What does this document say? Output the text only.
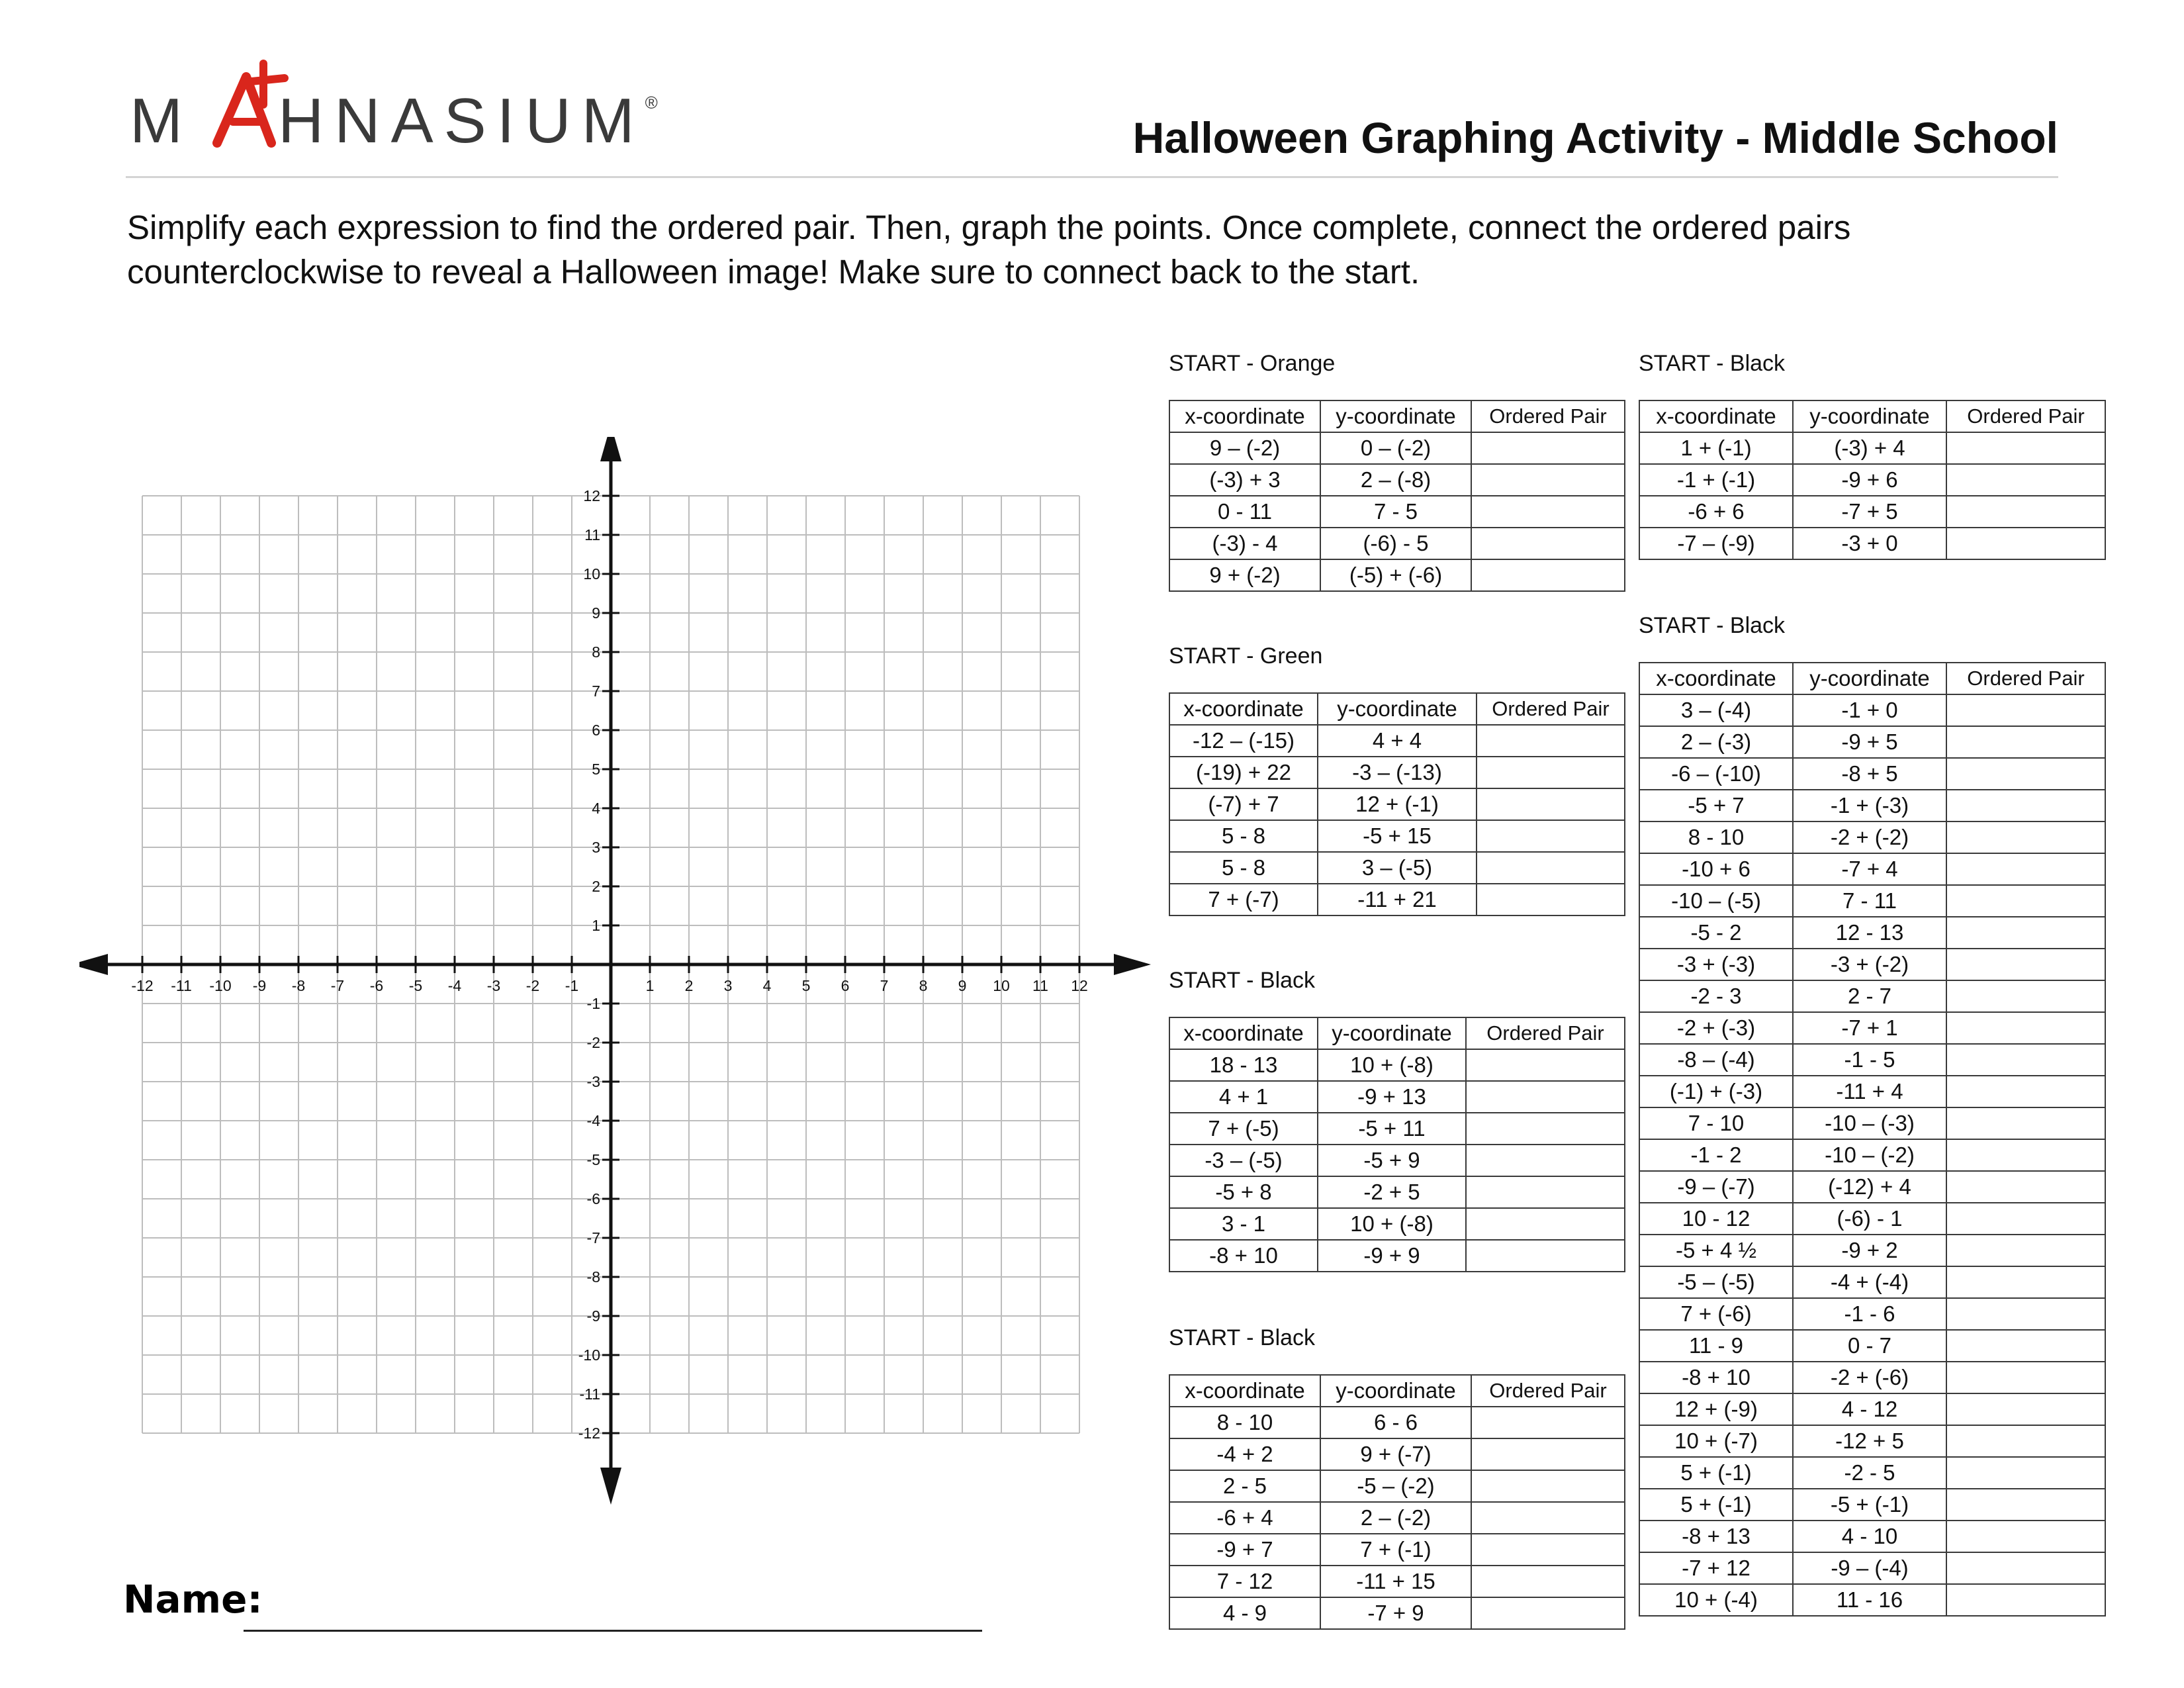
M HNASIUM®
Halloween Graphing Activity - Middle School
Simplify each expression to find the ordered pair. Then, graph the points. Once complete, connect the ordered pairs counterclockwise to reveal a Halloween image! Make sure to connect back to the start.
-12 -11 -10 -9 -8 -7 -6 -5 -4 -3 -2 -1	1 2 3 4 5 6 7 8 9 10 11 12
-12
-11
-10
-9
-8
-7
-6
-5
-4
-3
-2
-1
1
2
3
4
5
6
7
8
9
10
11
12
START - Orange
x-coordinate	y-coordinate	Ordered Pair
9 – (-2)	0 – (-2)	
(-3) + 3	2 – (-8)	
0 - 11	7 - 5	
(-3) - 4	(-6) - 5	
9 + (-2)	(-5) + (-6)	
START - Green
x-coordinate	y-coordinate	Ordered Pair
-12 – (-15)	4 + 4	
(-19) + 22	-3 – (-13)	
(-7) + 7	12 + (-1)	
5 - 8	-5 + 15	
5 - 8	3 – (-5)	
7 + (-7)	-11 + 21	
START - Black
x-coordinate	y-coordinate	Ordered Pair
18 - 13	10 + (-8)	
4 + 1	-9 + 13	
7 + (-5)	-5 + 11	
-3 – (-5)	-5 + 9	
-5 + 8	-2 + 5	
3 - 1	10 + (-8)	
-8 + 10	-9 + 9	
START - Black
x-coordinate	y-coordinate	Ordered Pair
8 - 10	6 - 6	
-4 + 2	9 + (-7)	
2 - 5	-5 – (-2)	
-6 + 4	2 – (-2)	
-9 + 7	7 + (-1)	
7 - 12	-11 + 15	
4 - 9	-7 + 9	
START - Black
x-coordinate	y-coordinate	Ordered Pair
1 + (-1)	(-3) + 4	
-1 + (-1)	-9 + 6	
-6 + 6	-7 + 5	
-7 – (-9)	-3 + 0	
START - Black
x-coordinate	y-coordinate	Ordered Pair
3 – (-4)	-1 + 0	
2 – (-3)	-9 + 5	
-6 – (-10)	-8 + 5	
-5 + 7	-1 + (-3)	
8 - 10	-2 + (-2)	
-10 + 6	-7 + 4	
-10 – (-5)	7 - 11	
-5 - 2	12 - 13	
-3 + (-3)	-3 + (-2)	
-2 - 3	2 - 7	
-2 + (-3)	-7 + 1	
-8 – (-4)	-1 - 5	
(-1) + (-3)	-11 + 4	
7 - 10	-10 – (-3)	
-1 - 2	-10 – (-2)	
-9 – (-7)	(-12) + 4	
10 - 12	(-6) - 1	
-5 + 4 ½	-9 + 2	
-5 – (-5)	-4 + (-4)	
7 + (-6)	-1 - 6	
11 - 9	0 - 7	
-8 + 10	-2 + (-6)	
12 + (-9)	4 - 12	
10 + (-7)	-12 + 5	
5 + (-1)	-2 - 5	
5 + (-1)	-5 + (-1)	
-8 + 13	4 - 10	
-7 + 12	-9 – (-4)	
10 + (-4)	11 - 16	
Name:
